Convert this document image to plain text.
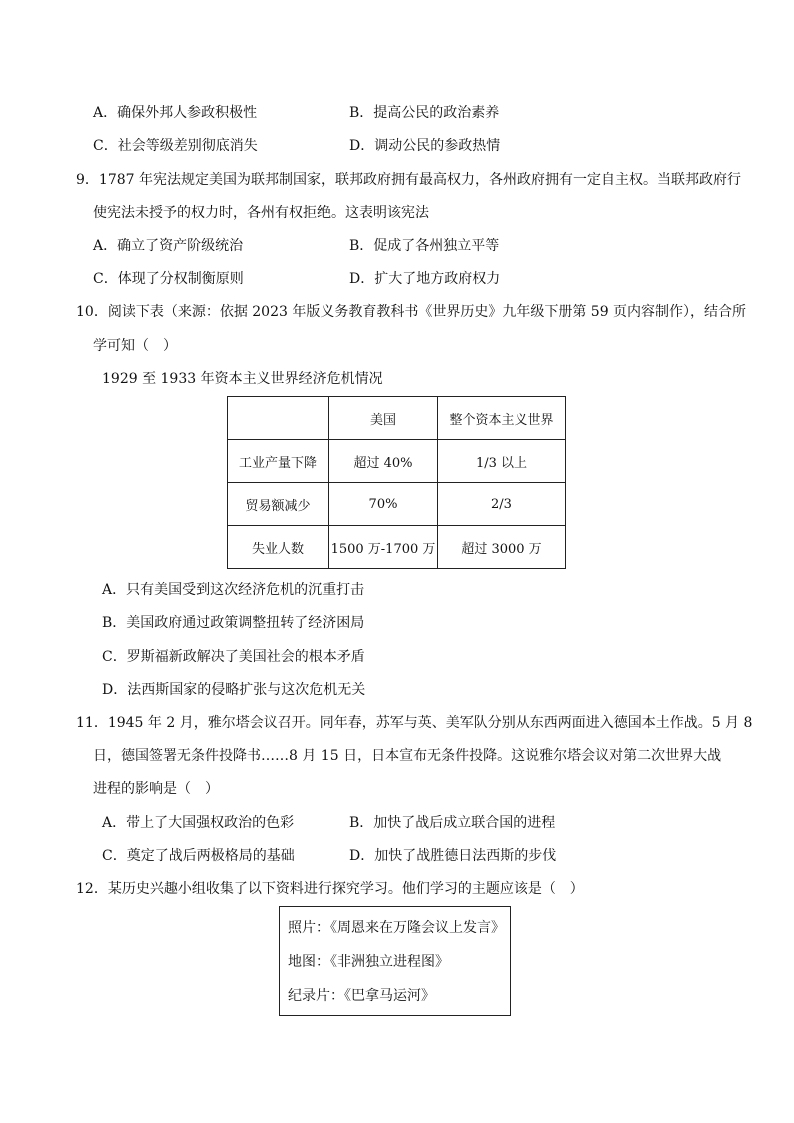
A．确保外邦人参政积极性	B．提高公民的政治素养
C．社会等级差别彻底消失	D．调动公民的参政热情
9．1787 年宪法规定美国为联邦制国家，联邦政府拥有最高权力，各州政府拥有一定自主权。当联邦政府行
使宪法未授予的权力时，各州有权拒绝。这表明该宪法
A．确立了资产阶级统治	B．促成了各州独立平等
C．体现了分权制衡原则	D．扩大了地方政府权力
10．阅读下表（来源：依据 2023 年版义务教育教科书《世界历史》九年级下册第 59 页内容制作），结合所
学可知（　）
1929 至 1933 年资本主义世界经济危机情况
	美国	整个资本主义世界
工业产量下降	超过 40%	1/3 以上
贸易额减少	70%	2/3
失业人数	1500 万-1700 万	超过 3000 万
A．只有美国受到这次经济危机的沉重打击
B．美国政府通过政策调整扭转了经济困局
C．罗斯福新政解决了美国社会的根本矛盾
D．法西斯国家的侵略扩张与这次危机无关
11．1945 年 2 月，雅尔塔会议召开。同年春，苏军与英、美军队分别从东西两面进入德国本土作战。5 月 8
日，德国签署无条件投降书……8 月 15 日，日本宣布无条件投降。这说雅尔塔会议对第二次世界大战
进程的影响是（　）
A．带上了大国强权政治的色彩	B．加快了战后成立联合国的进程
C．奠定了战后两极格局的基础	D．加快了战胜德日法西斯的步伐
12．某历史兴趣小组收集了以下资料进行探究学习。他们学习的主题应该是（　）
照片：《周恩来在万隆会议上发言》
地图：《非洲独立进程图》
纪录片：《巴拿马运河》
